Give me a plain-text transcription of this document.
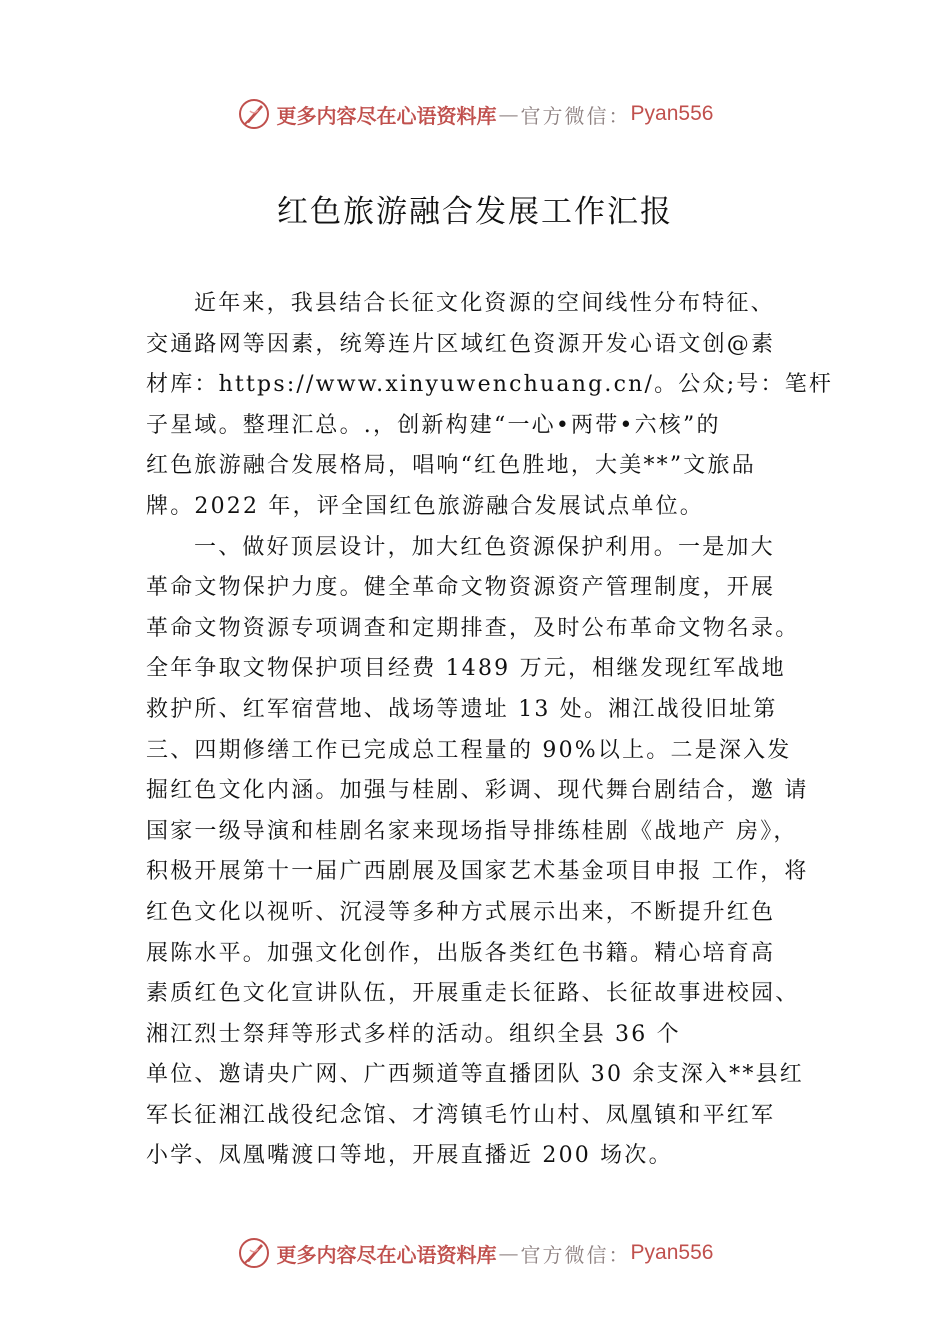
更多内容尽在心语资料库 — 官方微信： Pyan556
红色旅游融合发展工作汇报
近年来，我县结合长征文化资源的空间线性分布特征、
交通路网等因素，统筹连片区域红色资源开发心语文创@素
材库：https://www.xinyuwenchuang.cn/。公众;号：笔杆
子星域。整理汇总。.，创新构建“一心•两带•六核”的
红色旅游融合发展格局，唱响“红色胜地，大美**”文旅品
牌。2022 年，评全国红色旅游融合发展试点单位。
一、做好顶层设计，加大红色资源保护利用。一是加大
革命文物保护力度。健全革命文物资源资产管理制度，开展
革命文物资源专项调查和定期排查，及时公布革命文物名录。
全年争取文物保护项目经费 1489 万元，相继发现红军战地
救护所、红军宿营地、战场等遗址 13 处。湘江战役旧址第
三、四期修缮工作已完成总工程量的 90%以上。二是深入发
掘红色文化内涵。加强与桂剧、彩调、现代舞台剧结合，邀 请
国家一级导演和桂剧名家来现场指导排练桂剧《战地产 房》，
积极开展第十一届广西剧展及国家艺术基金项目申报 工作，将
红色文化以视听、沉浸等多种方式展示出来，不断提升红色
展陈水平。加强文化创作，出版各类红色书籍。精心培育高
素质红色文化宣讲队伍，开展重走长征路、长征故事进校园、
湘江烈士祭拜等形式多样的活动。组织全县 36 个
单位、邀请央广网、广西频道等直播团队 30 余支深入**县红
军长征湘江战役纪念馆、才湾镇毛竹山村、凤凰镇和平红军
小学、凤凰嘴渡口等地，开展直播近 200 场次。
更多内容尽在心语资料库 — 官方微信： Pyan556
